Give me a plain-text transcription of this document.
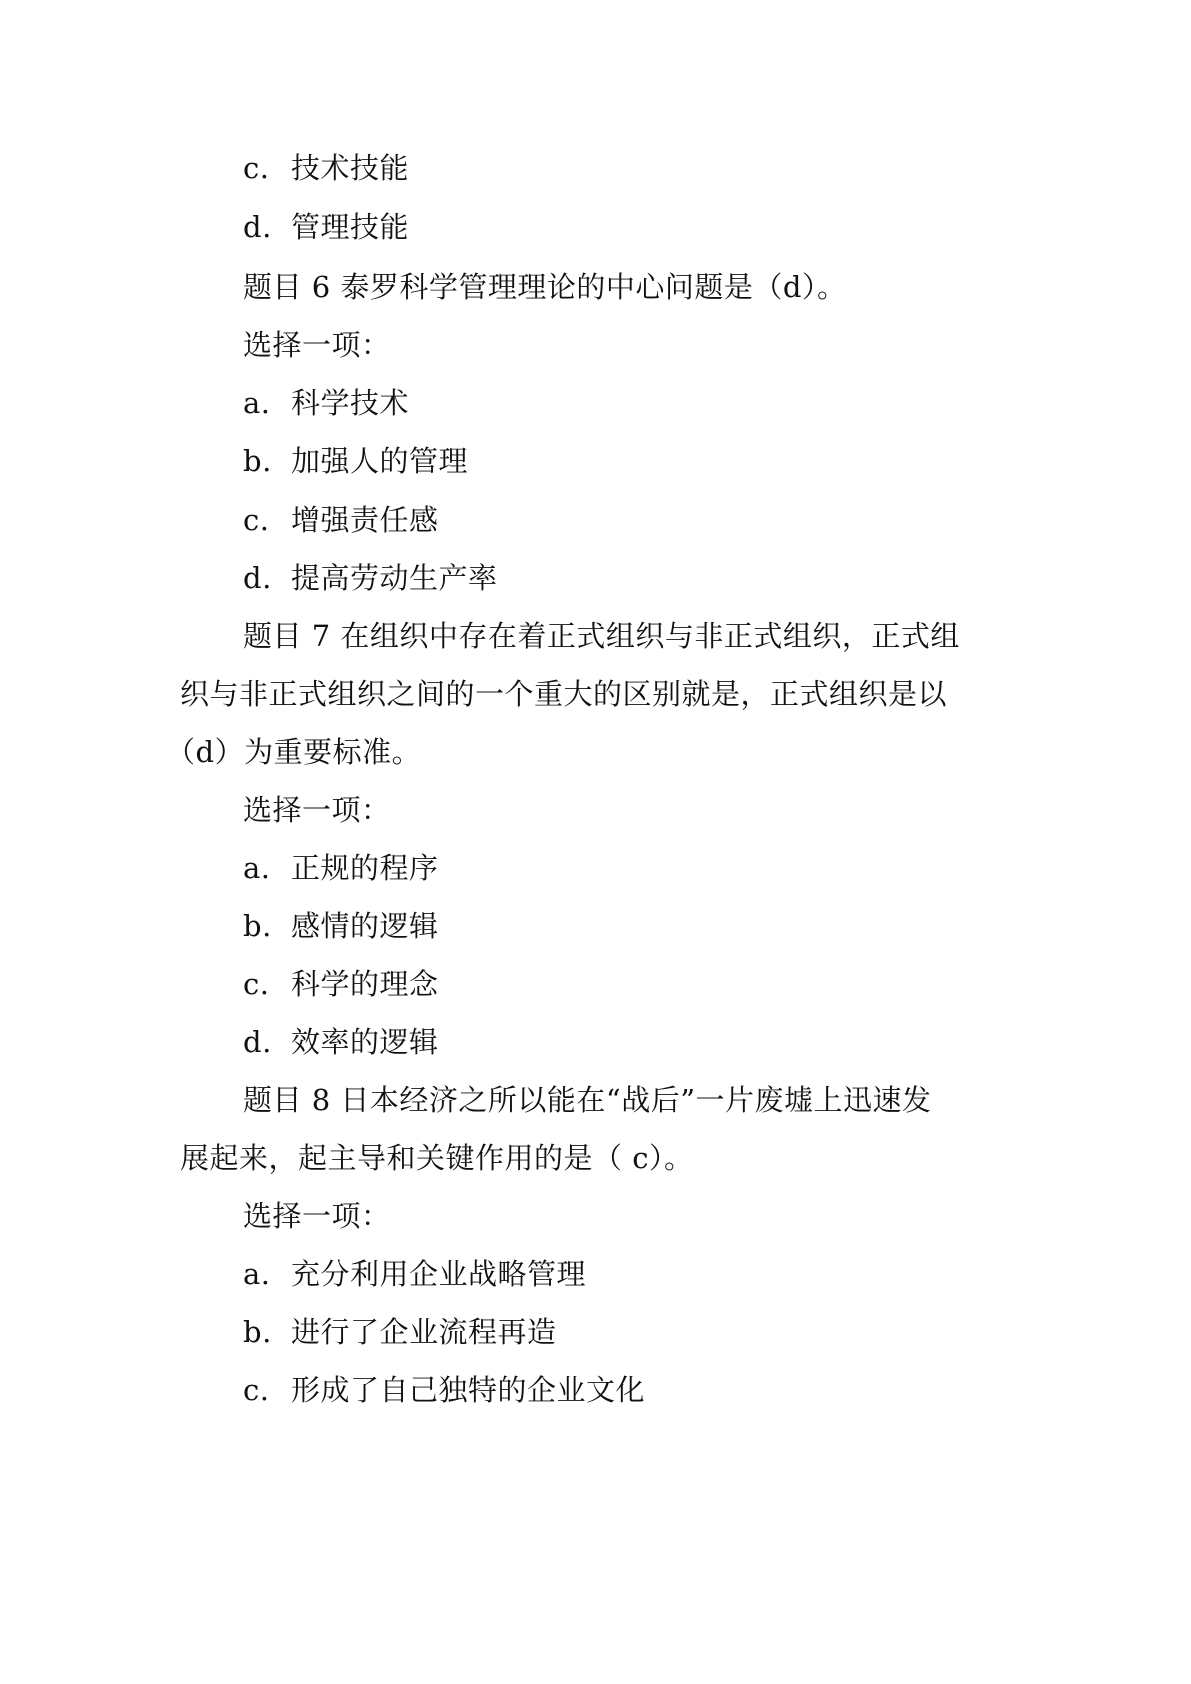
c. 技术技能
d. 管理技能
题目 6 泰罗科学管理理论的中心问题是（d）。
选择一项：
a. 科学技术
b. 加强人的管理
c. 增强责任感
d. 提高劳动生产率
题目 7 在组织中存在着正式组织与非正式组织，正式组
织与非正式组织之间的一个重大的区别就是，正式组织是以
（d）为重要标准。
选择一项：
a. 正规的程序
b. 感情的逻辑
c. 科学的理念
d. 效率的逻辑
题目 8 日本经济之所以能在“战后”一片废墟上迅速发
展起来，起主导和关键作用的是（ c）。
选择一项：
a. 充分利用企业战略管理
b. 进行了企业流程再造
c. 形成了自己独特的企业文化
